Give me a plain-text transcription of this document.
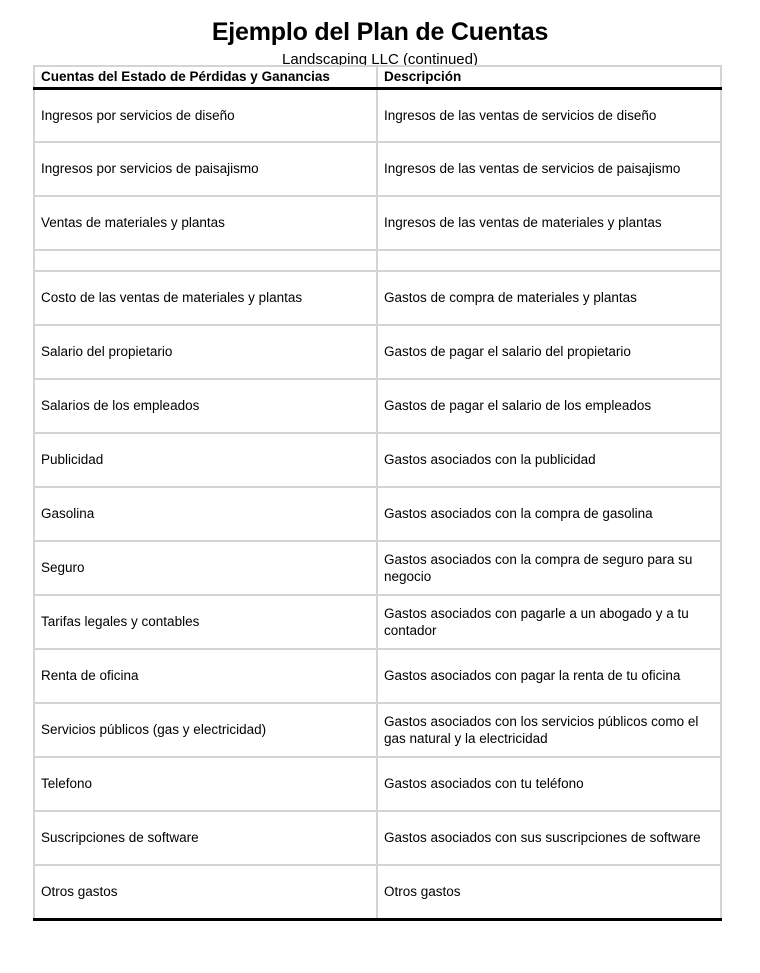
Ejemplo del Plan de Cuentas
Landscaping LLC (continued)
Cuentas del Estado de Pérdidas y Ganancias	Descripción
Ingresos por servicios de diseño	Ingresos de las ventas de servicios de diseño
Ingresos por servicios de paisajismo	Ingresos de las ventas de servicios de paisajismo
Ventas de materiales y plantas	Ingresos de las ventas de materiales y plantas

Costo de las ventas de materiales y plantas	Gastos de compra de materiales y plantas
Salario del propietario	Gastos de pagar el salario del propietario
Salarios de los empleados	Gastos de pagar el salario de los empleados
Publicidad	Gastos asociados con la publicidad
Gasolina	Gastos asociados con la compra de gasolina
Seguro	Gastos asociados con la compra de seguro para su negocio
Tarifas legales y contables	Gastos asociados con pagarle a un abogado y a tu contador
Renta de oficina	Gastos asociados con pagar la renta de tu oficina
Servicios públicos (gas y electricidad)	Gastos asociados con los servicios públicos como el gas natural y la electricidad
Telefono	Gastos asociados con tu teléfono
Suscripciones de software	Gastos asociados con sus suscripciones de software
Otros gastos	Otros gastos
